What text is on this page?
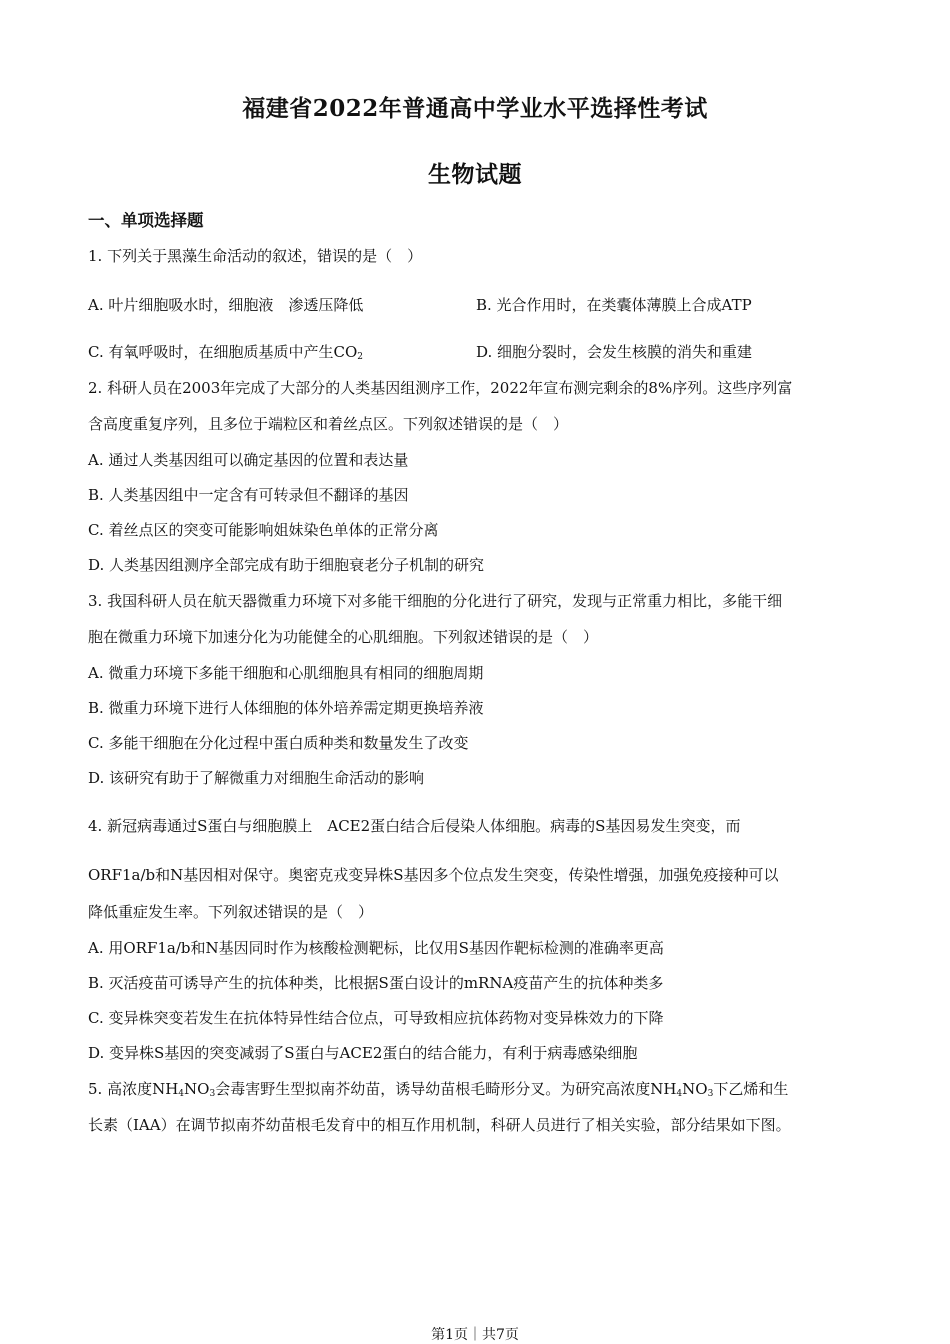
福建省2022年普通高中学业水平选择性考试
生物试题
一、单项选择题
1. 下列关于黑藻生命活动的叙述，错误的是（　）
A. 叶片细胞吸水时，细胞液　渗透压降低	B. 光合作用时，在类囊体薄膜上合成ATP
C. 有氧呼吸时，在细胞质基质中产生$CO_2$	D. 细胞分裂时，会发生核膜的消失和重建
2. 科研人员在2003年完成了大部分的人类基因组测序工作，2022年宣布测完剩余的8%序列。这些序列富
含高度重复序列，且多位于端粒区和着丝点区。下列叙述错误的是（　）
A. 通过人类基因组可以确定基因的位置和表达量
B. 人类基因组中一定含有可转录但不翻译的基因
C. 着丝点区的突变可能影响姐妹染色单体的正常分离
D. 人类基因组测序全部完成有助于细胞衰老分子机制的研究
3. 我国科研人员在航天器微重力环境下对多能干细胞的分化进行了研究，发现与正常重力相比，多能干细
胞在微重力环境下加速分化为功能健全的心肌细胞。下列叙述错误的是（　）
A. 微重力环境下多能干细胞和心肌细胞具有相同的细胞周期
B. 微重力环境下进行人体细胞的体外培养需定期更换培养液
C. 多能干细胞在分化过程中蛋白质种类和数量发生了改变
D. 该研究有助于了解微重力对细胞生命活动的影响
4. 新冠病毒通过S蛋白与细胞膜上　ACE2蛋白结合后侵染人体细胞。病毒的S基因易发生突变，而
ORF1a/b和N基因相对保守。奥密克戎变异株S基因多个位点发生突变，传染性增强，加强免疫接种可以
降低重症发生率。下列叙述错误的是（　）
A. 用ORF1a/b和N基因同时作为核酸检测靶标，比仅用S基因作靶标检测的准确率更高
B. 灭活疫苗可诱导产生的抗体种类，比根据S蛋白设计的mRNA疫苗产生的抗体种类多
C. 变异株突变若发生在抗体特异性结合位点，可导致相应抗体药物对变异株效力的下降
D. 变异株S基因的突变减弱了S蛋白与ACE2蛋白的结合能力，有利于病毒感染细胞
5. 高浓度$NH_4NO_3$会毒害野生型拟南芥幼苗，诱导幼苗根毛畸形分叉。为研究高浓度$NH_4NO_3$下乙烯和生
长素（IAA）在调节拟南芥幼苗根毛发育中的相互作用机制，科研人员进行了相关实验，部分结果如下图。
第1页｜共7页
